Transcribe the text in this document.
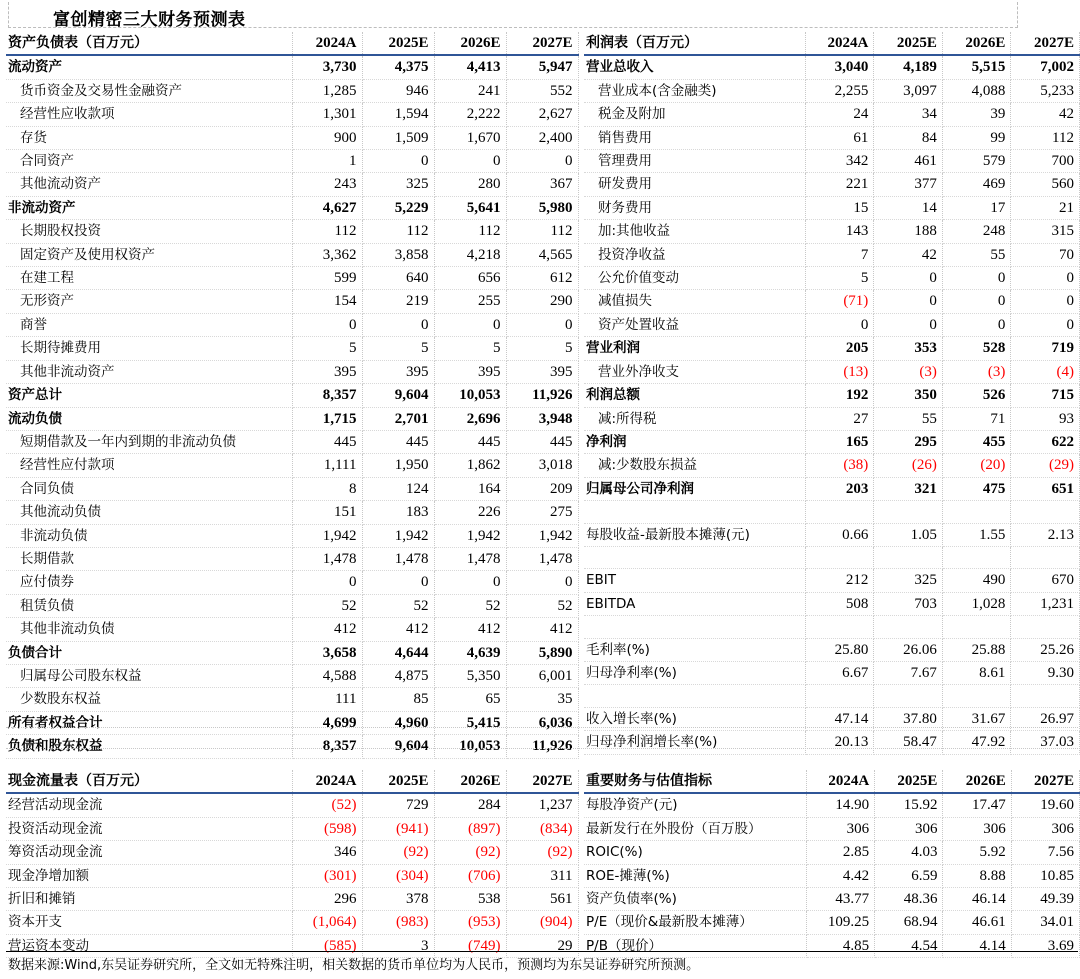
富创精密三大财务预测表
资产负债表（百万元）	2024A	2025E	2026E	2027E
流动资产	3,730	4,375	4,413	5,947
货币资金及交易性金融资产	1,285	946	241	552
经营性应收款项	1,301	1,594	2,222	2,627
存货	900	1,509	1,670	2,400
合同资产	1	0	0	0
其他流动资产	243	325	280	367
非流动资产	4,627	5,229	5,641	5,980
长期股权投资	112	112	112	112
固定资产及使用权资产	3,362	3,858	4,218	4,565
在建工程	599	640	656	612
无形资产	154	219	255	290
商誉	0	0	0	0
长期待摊费用	5	5	5	5
其他非流动资产	395	395	395	395
资产总计	8,357	9,604	10,053	11,926
流动负债	1,715	2,701	2,696	3,948
短期借款及一年内到期的非流动负债	445	445	445	445
经营性应付款项	1,111	1,950	1,862	3,018
合同负债	8	124	164	209
其他流动负债	151	183	226	275
非流动负债	1,942	1,942	1,942	1,942
长期借款	1,478	1,478	1,478	1,478
应付债券	0	0	0	0
租赁负债	52	52	52	52
其他非流动负债	412	412	412	412
负债合计	3,658	4,644	4,639	5,890
归属母公司股东权益	4,588	4,875	5,350	6,001
少数股东权益	111	85	65	35
所有者权益合计	4,699	4,960	5,415	6,036
负债和股东权益	8,357	9,604	10,053	11,926
利润表（百万元）	2024A	2025E	2026E	2027E
营业总收入	3,040	4,189	5,515	7,002
营业成本(含金融类)	2,255	3,097	4,088	5,233
税金及附加	24	34	39	42
销售费用	61	84	99	112
管理费用	342	461	579	700
研发费用	221	377	469	560
财务费用	15	14	17	21
加:其他收益	143	188	248	315
投资净收益	7	42	55	70
公允价值变动	5	0	0	0
减值损失	(71)	0	0	0
资产处置收益	0	0	0	0
营业利润	205	353	528	719
营业外净收支	(13)	(3)	(3)	(4)
利润总额	192	350	526	715
减:所得税	27	55	71	93
净利润	165	295	455	622
减:少数股东损益	(38)	(26)	(20)	(29)
归属母公司净利润	203	321	475	651

每股收益-最新股本摊薄(元)	0.66	1.05	1.55	2.13

EBIT	212	325	490	670
EBITDA	508	703	1,028	1,231

毛利率(%)	25.80	26.06	25.88	25.26
归母净利率(%)	6.67	7.67	8.61	9.30

收入增长率(%)	47.14	37.80	31.67	26.97
归母净利润增长率(%)	20.13	58.47	47.92	37.03
现金流量表（百万元）	2024A	2025E	2026E	2027E
经营活动现金流	(52)	729	284	1,237
投资活动现金流	(598)	(941)	(897)	(834)
筹资活动现金流	346	(92)	(92)	(92)
现金净增加额	(301)	(304)	(706)	311
折旧和摊销	296	378	538	561
资本开支	(1,064)	(983)	(953)	(904)
营运资本变动	(585)	3	(749)	29
重要财务与估值指标	2024A	2025E	2026E	2027E
每股净资产(元)	14.90	15.92	17.47	19.60
最新发行在外股份（百万股）	306	306	306	306
ROIC(%)	2.85	4.03	5.92	7.56
ROE-摊薄(%)	4.42	6.59	8.88	10.85
资产负债率(%)	43.77	48.36	46.14	49.39
P/E（现价&最新股本摊薄）	109.25	68.94	46.61	34.01
P/B（现价）	4.85	4.54	4.14	3.69
数据来源:Wind,东吴证券研究所，全文如无特殊注明，相关数据的货币单位均为人民币，预测均为东吴证券研究所预测。
